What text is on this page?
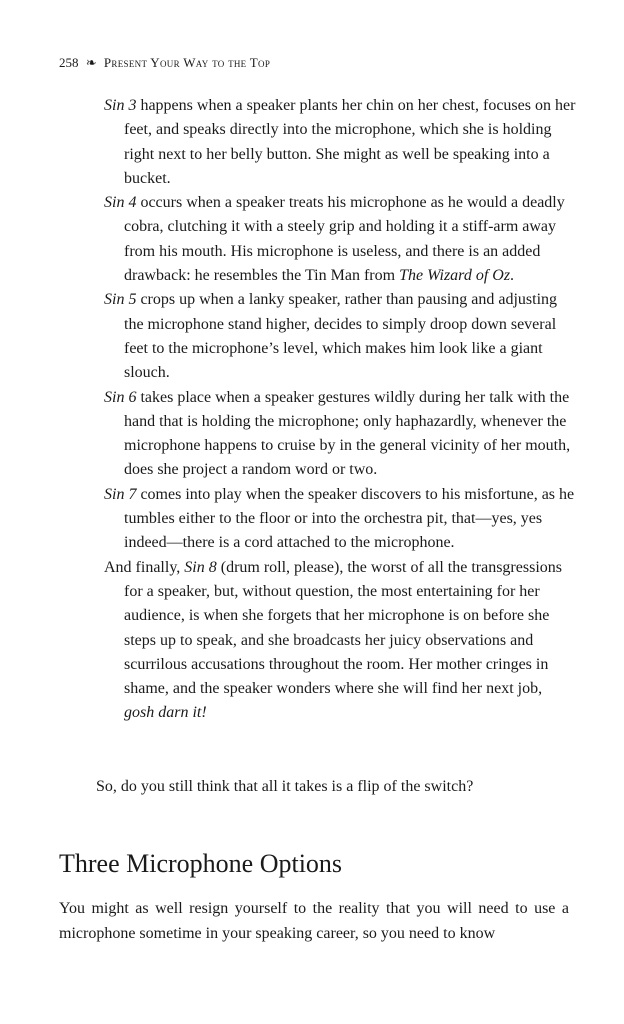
258 ❧ Present Your Way to the Top

Sin 3 happens when a speaker plants her chin on her chest, focuses on her feet, and speaks directly into the microphone, which she is holding right next to her belly button. She might as well be speaking into a bucket.

Sin 4 occurs when a speaker treats his microphone as he would a deadly cobra, clutching it with a steely grip and holding it a stiff-arm away from his mouth. His microphone is useless, and there is an added drawback: he resembles the Tin Man from The Wizard of Oz.

Sin 5 crops up when a lanky speaker, rather than pausing and adjusting the microphone stand higher, decides to simply droop down several feet to the microphone’s level, which makes him look like a giant slouch.

Sin 6 takes place when a speaker gestures wildly during her talk with the hand that is holding the microphone; only haphazardly, whenever the microphone happens to cruise by in the general vicinity of her mouth, does she project a random word or two.

Sin 7 comes into play when the speaker discovers to his misfortune, as he tumbles either to the floor or into the orchestra pit, that—yes, yes indeed—there is a cord attached to the microphone.

And finally, Sin 8 (drum roll, please), the worst of all the transgressions for a speaker, but, without question, the most entertaining for her audience, is when she forgets that her microphone is on before she steps up to speak, and she broadcasts her juicy observations and scurrilous accusations throughout the room. Her mother cringes in shame, and the speaker wonders where she will find her next job, gosh darn it!

So, do you still think that all it takes is a flip of the switch?

Three Microphone Options

You might as well resign yourself to the reality that you will need to use a microphone sometime in your speaking career, so you need to know
